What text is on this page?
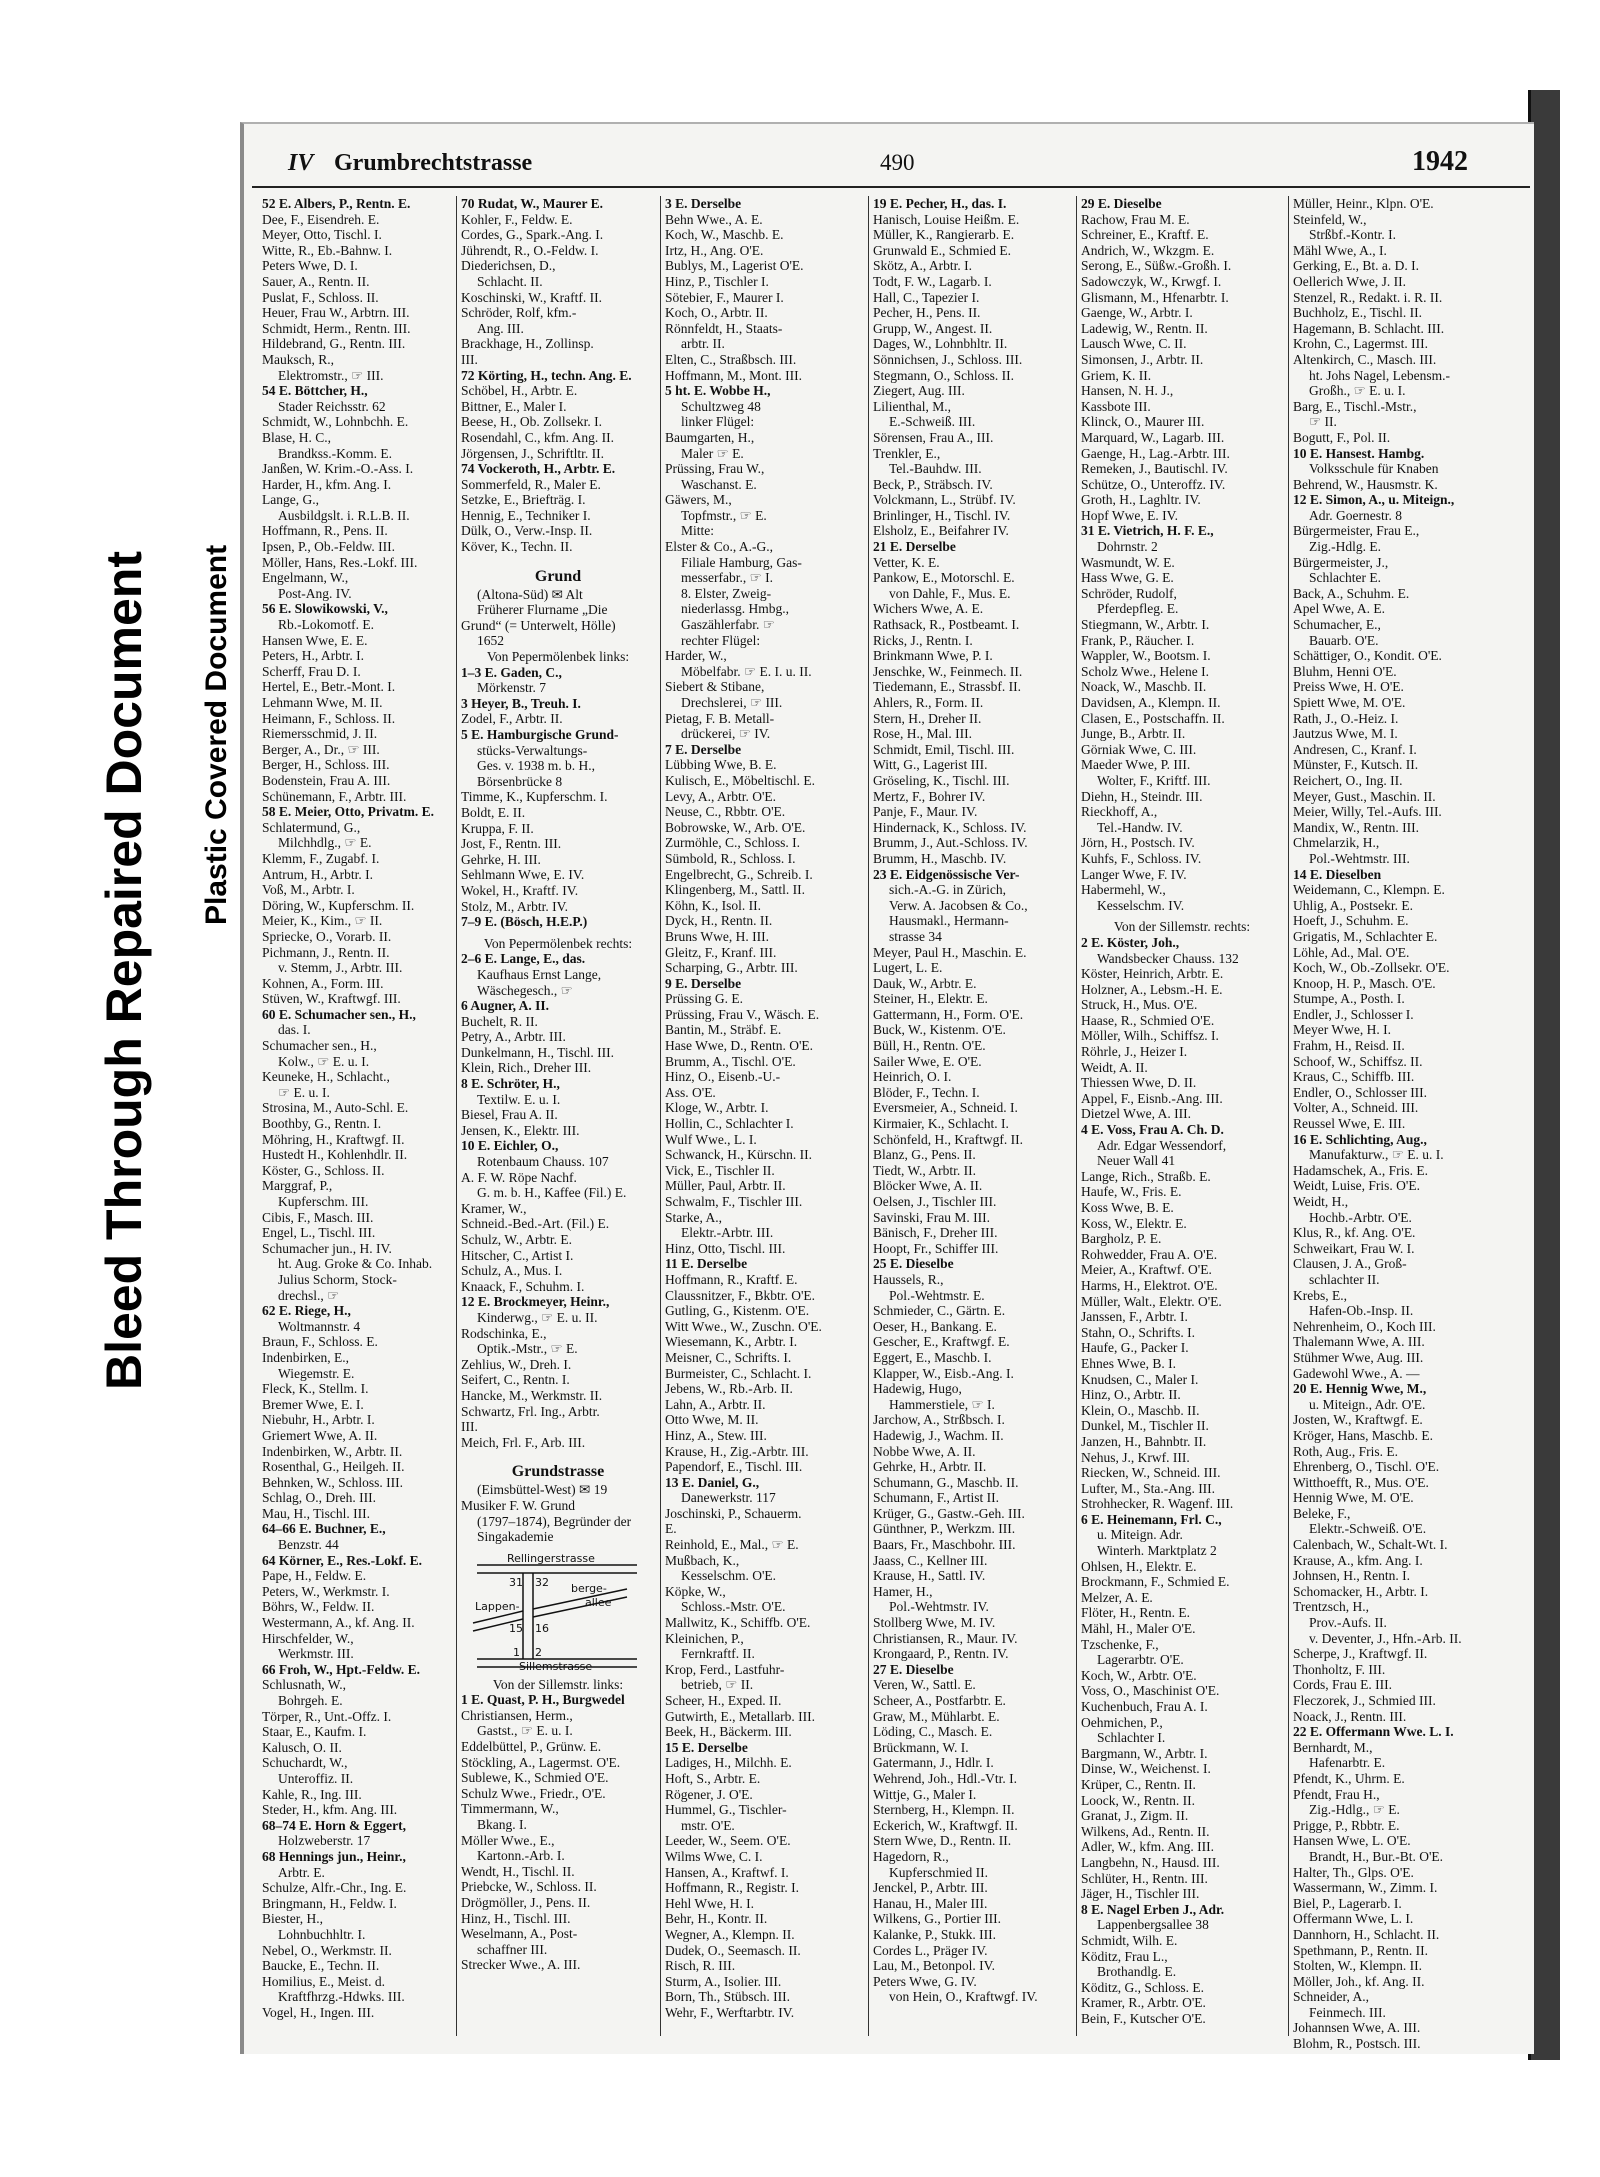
Bleed Through Repaired Document Plastic Covered Document
IV Grumbrechtstrasse	490	1942
52 E. Albers, P., Rentn. E.
Dee, F., Eisendreh. E.
Meyer, Otto, Tischl. I.
Witte, R., Eb.-Bahnw. I.
Peters Wwe, D. I.
Sauer, A., Rentn. II.
Puslat, F., Schloss. II.
Heuer, Frau W., Arbtrn. III.
Schmidt, Herm., Rentn. III.
Hildebrand, G., Rentn. III.
Mauksch, R.,
Elektromstr., ☞ III.
54 E. Böttcher, H.,
Stader Reichsstr. 62
Schmidt, W., Lohnbchh. E.
Blase, H. C.,
Brandkss.-Komm. E.
Janßen, W. Krim.-O.-Ass. I.
Harder, H., kfm. Ang. I.
Lange, G.,
Ausbildgslt. i. R.L.B. II.
Hoffmann, R., Pens. II.
Ipsen, P., Ob.-Feldw. III.
Möller, Hans, Res.-Lokf. III.
Engelmann, W.,
Post-Ang. IV.
56 E. Slowikowski, V.,
Rb.-Lokomotf. E.
Hansen Wwe, E. E.
Peters, H., Arbtr. I.
Scherff, Frau D. I.
Hertel, E., Betr.-Mont. I.
Lehmann Wwe, M. II.
Heimann, F., Schloss. II.
Riemersschmid, J. II.
Berger, A., Dr., ☞ III.
Berger, H., Schloss. III.
Bodenstein, Frau A. III.
Schünemann, F., Arbtr. III.
58 E. Meier, Otto, Privatm. E.
Schlatermund, G.,
Milchhdlg., ☞ E.
Klemm, F., Zugabf. I.
Antrum, H., Arbtr. I.
Voß, M., Arbtr. I.
Döring, W., Kupferschm. II.
Meier, K., Kim., ☞ II.
Spriecke, O., Vorarb. II.
Pichmann, J., Rentn. II.
v. Stemm, J., Arbtr. III.
Kohnen, A., Form. III.
Stüven, W., Kraftwgf. III.
60 E. Schumacher sen., H.,
das. I.
Schumacher sen., H.,
Kolw., ☞ E. u. I.
Keuneke, H., Schlacht.,
☞ E. u. I.
Strosina, M., Auto-Schl. E.
Boothby, G., Rentn. I.
Möhring, H., Kraftwgf. II.
Hustedt H., Kohlenhdlr. II.
Köster, G., Schloss. II.
Marggraf, P.,
Kupferschm. III.
Cibis, F., Masch. III.
Engel, L., Tischl. III.
Schumacher jun., H. IV.
ht. Aug. Groke & Co. Inhab.
Julius Schorm, Stock-
drechsl., ☞
62 E. Riege, H.,
Woltmannstr. 4
Braun, F., Schloss. E.
Indenbirken, E.,
Wiegemstr. E.
Fleck, K., Stellm. I.
Bremer Wwe, E. I.
Niebuhr, H., Arbtr. I.
Griemert Wwe, A. II.
Indenbirken, W., Arbtr. II.
Rosenthal, G., Heilgeh. II.
Behnken, W., Schloss. III.
Schlag, O., Dreh. III.
Mau, H., Tischl. III.
64–66 E. Buchner, E.,
Benzstr. 44
64 Körner, E., Res.-Lokf. E.
Pape, H., Feldw. E.
Peters, W., Werkmstr. I.
Böhrs, W., Feldw. II.
Westermann, A., kf. Ang. II.
Hirschfelder, W.,
Werkmstr. III.
66 Froh, W., Hpt.-Feldw. E.
Schlusnath, W.,
Bohrgeh. E.
Törper, R., Unt.-Offz. I.
Staar, E., Kaufm. I.
Kalusch, O. II.
Schuchardt, W.,
Unteroffiz. II.
Kahle, R., Ing. III.
Steder, H., kfm. Ang. III.
68–74 E. Horn & Eggert,
Holzweberstr. 17
68 Hennings jun., Heinr.,
Arbtr. E.
Schulze, Alfr.-Chr., Ing. E.
Bringmann, H., Feldw. I.
Biester, H.,
Lohnbuchhltr. I.
Nebel, O., Werkmstr. II.
Baucke, E., Techn. II.
Homilius, E., Meist. d.
Kraftfhrzg.-Hdwks. III.
Vogel, H., Ingen. III.
70 Rudat, W., Maurer E.
Kohler, F., Feldw. E.
Cordes, G., Spark.-Ang. I.
Jührendt, R., O.-Feldw. I.
Diederichsen, D.,
Schlacht. II.
Koschinski, W., Kraftf. II.
Schröder, Rolf, kfm.-
Ang. III.
Brackhage, H., Zollinsp.
III.
72 Körting, H., techn. Ang. E.
Schöbel, H., Arbtr. E.
Bittner, E., Maler I.
Beese, H., Ob. Zollsekr. I.
Rosendahl, C., kfm. Ang. II.
Jörgensen, J., Schriftltr. II.
74 Vockeroth, H., Arbtr. E.
Sommerfeld, R., Maler E.
Setzke, E., Briefträg. I.
Hennig, E., Techniker I.
Dülk, O., Verw.-Insp. II.
Köver, K., Techn. II.
Grund
(Altona-Süd) ✉ Alt
Früherer Flurname „Die
Grund“ (= Unterwelt, Hölle)
1652
Von Pepermölenbek links:
1–3 E. Gaden, C.,
Mörkenstr. 7
3 Heyer, B., Treuh. I.
Zodel, F., Arbtr. II.
5 E. Hamburgische Grund-
stücks-Verwaltungs-
Ges. v. 1938 m. b. H.,
Börsenbrücke 8
Timme, K., Kupferschm. I.
Boldt, E. II.
Kruppa, F. II.
Jost, F., Rentn. III.
Gehrke, H. III.
Sehlmann Wwe, E. IV.
Wokel, H., Kraftf. IV.
Stolz, M., Arbtr. IV.
7–9 E. (Bösch, H.E.P.)
Von Pepermölenbek rechts:
2–6 E. Lange, E., das.
Kaufhaus Ernst Lange,
Wäschegesch., ☞
6 Augner, A. II.
Buchelt, R. II.
Petry, A., Arbtr. III.
Dunkelmann, H., Tischl. III.
Klein, Rich., Dreher III.
8 E. Schröter, H.,
Textilw. E. u. I.
Biesel, Frau A. II.
Jensen, K., Elektr. III.
10 E. Eichler, O.,
Rotenbaum Chauss. 107
A. F. W. Röpe Nachf.
G. m. b. H., Kaffee (Fil.) E.
Kramer, W.,
Schneid.-Bed.-Art. (Fil.) E.
Schulz, W., Arbtr. E.
Hitscher, C., Artist I.
Schulz, A., Mus. I.
Knaack, F., Schuhm. I.
12 E. Brockmeyer, Heinr.,
Kinderwg., ☞ E. u. II.
Rodschinka, E.,
Optik.-Mstr., ☞ E.
Zehlius, W., Dreh. I.
Seifert, C., Rentn. I.
Hancke, M., Werkmstr. II.
Schwartz, Frl. Ing., Arbtr.
III.
Meich, Frl. F., Arb. III.
Grundstrasse
(Eimsbüttel-West) ✉ 19
Musiker F. W. Grund
(1797–1874), Begründer der
Singakademie
Rellingerstrasse
Lappen-
berge-
allee
Sillemstrasse
31 32
15 16
1 2
Von der Sillemstr. links:
1 E. Quast, P. H., Burgwedel
Christiansen, Herm.,
Gastst., ☞ E. u. I.
Eddelbüttel, P., Grünw. E.
Stöckling, A., Lagermst. O'E.
Sublewe, K., Schmied O'E.
Schulz Wwe., Friedr., O'E.
Timmermann, W.,
Bkang. I.
Möller Wwe., E.,
Kartonn.-Arb. I.
Wendt, H., Tischl. II.
Priebcke, W., Schloss. II.
Drögmöller, J., Pens. II.
Hinz, H., Tischl. III.
Weselmann, A., Post-
schaffner III.
Strecker Wwe., A. III.
3 E. Derselbe
Behn Wwe., A. E.
Koch, W., Maschb. E.
Irtz, H., Ang. O'E.
Bublys, M., Lagerist O'E.
Hinz, P., Tischler I.
Sötebier, F., Maurer I.
Koch, O., Arbtr. II.
Rönnfeldt, H., Staats-
arbtr. II.
Elten, C., Straßbsch. III.
Hoffmann, M., Mont. III.
5 ht. E. Wobbe H.,
Schultzweg 48
linker Flügel:
Baumgarten, H.,
Maler ☞ E.
Prüssing, Frau W.,
Waschanst. E.
Gäwers, M.,
Topfmstr., ☞ E.
Mitte:
Elster & Co., A.-G.,
Filiale Hamburg, Gas-
messerfabr., ☞ I.
8. Elster, Zweig-
niederlassg. Hmbg.,
Gaszählerfabr. ☞
rechter Flügel:
Harder, W.,
Möbelfabr. ☞ E. I. u. II.
Siebert & Stibane,
Drechslerei, ☞ III.
Pietag, F. B. Metall-
drückerei, ☞ IV.
7 E. Derselbe
Lübbing Wwe, B. E.
Kulisch, E., Möbeltischl. E.
Levy, A., Arbtr. O'E.
Neuse, C., Rbbtr. O'E.
Bobrowske, W., Arb. O'E.
Zurmöhle, C., Schloss. I.
Sümbold, R., Schloss. I.
Engelbrecht, G., Schreib. I.
Klingenberg, M., Sattl. II.
Köhn, K., Isol. II.
Dyck, H., Rentn. II.
Bruns Wwe, H. III.
Gleitz, F., Kranf. III.
Scharping, G., Arbtr. III.
9 E. Derselbe
Prüssing G. E.
Prüssing, Frau V., Wäsch. E.
Bantin, M., Sträbf. E.
Hase Wwe, D., Rentn. O'E.
Brumm, A., Tischl. O'E.
Hinz, O., Eisenb.-U.-
Ass. O'E.
Kloge, W., Arbtr. I.
Hollin, C., Schlachter I.
Wulf Wwe., L. I.
Schwanck, H., Kürschn. II.
Vick, E., Tischler II.
Müller, Paul, Arbtr. II.
Schwalm, F., Tischler III.
Starke, A.,
Elektr.-Arbtr. III.
Hinz, Otto, Tischl. III.
11 E. Derselbe
Hoffmann, R., Kraftf. E.
Claussnitzer, F., Bkbtr. O'E.
Gutling, G., Kistenm. O'E.
Witt Wwe., W., Zuschn. O'E.
Wiesemann, K., Arbtr. I.
Meisner, C., Schrifts. I.
Burmeister, C., Schlacht. I.
Jebens, W., Rb.-Arb. II.
Lahn, A., Arbtr. II.
Otto Wwe, M. II.
Hinz, A., Stew. III.
Krause, H., Zig.-Arbtr. III.
Papendorf, E., Tischl. III.
13 E. Daniel, G.,
Danewerkstr. 117
Joschinski, P., Schauerm.
E.
Reinhold, E., Mal., ☞ E.
Mußbach, K.,
Kesselschm. O'E.
Köpke, W.,
Schloss.-Mstr. O'E.
Mallwitz, K., Schiffb. O'E.
Kleinichen, P.,
Fernkraftf. II.
Krop, Ferd., Lastfuhr-
betrieb, ☞ II.
Scheer, H., Exped. II.
Gutwirth, E., Metallarb. III.
Beek, H., Bäckerm. III.
15 E. Derselbe
Ladiges, H., Milchh. E.
Hoft, S., Arbtr. E.
Rögener, J. O'E.
Hummel, G., Tischler-
mstr. O'E.
Leeder, W., Seem. O'E.
Wilms Wwe, C. I.
Hansen, A., Kraftwf. I.
Hoffmann, R., Registr. I.
Hehl Wwe, H. I.
Behr, H., Kontr. II.
Wegner, A., Klempn. II.
Dudek, O., Seemasch. II.
Risch, R. III.
Sturm, A., Isolier. III.
Born, Th., Stübsch. III.
Wehr, F., Werftarbtr. IV.
19 E. Pecher, H., das. I.
Hanisch, Louise Heißm. E.
Müller, K., Rangierarb. E.
Grunwald E., Schmied E.
Skötz, A., Arbtr. I.
Todt, F. W., Lagarb. I.
Hall, C., Tapezier I.
Pecher, H., Pens. II.
Grupp, W., Angest. II.
Dages, W., Lohnbhltr. II.
Sönnichsen, J., Schloss. III.
Stegmann, O., Schloss. II.
Ziegert, Aug. III.
Lilienthal, M.,
E.-Schweiß. III.
Sörensen, Frau A., III.
Trenkler, E.,
Tel.-Bauhdw. III.
Beck, P., Sträbsch. IV.
Volckmann, L., Strübf. IV.
Brinlinger, H., Tischl. IV.
Elsholz, E., Beifahrer IV.
21 E. Derselbe
Vetter, K. E.
Pankow, E., Motorschl. E.
von Dahle, F., Mus. E.
Wichers Wwe, A. E.
Rathsack, R., Postbeamt. I.
Ricks, J., Rentn. I.
Brinkmann Wwe, P. I.
Jenschke, W., Feinmech. II.
Tiedemann, E., Strassbf. II.
Ahlers, R., Form. II.
Stern, H., Dreher II.
Rose, H., Mal. III.
Schmidt, Emil, Tischl. III.
Witt, G., Lagerist III.
Gröseling, K., Tischl. III.
Mertz, F., Bohrer IV.
Panje, F., Maur. IV.
Hindernack, K., Schloss. IV.
Brumm, J., Aut.-Schloss. IV.
Brumm, H., Maschb. IV.
23 E. Eidgenössische Ver-
sich.-A.-G. in Zürich,
Verw. A. Jacobsen & Co.,
Hausmakl., Hermann-
strasse 34
Meyer, Paul H., Maschin. E.
Lugert, L. E.
Dauk, W., Arbtr. E.
Steiner, H., Elektr. E.
Gattermann, H., Form. O'E.
Buck, W., Kistenm. O'E.
Büll, H., Rentn. O'E.
Sailer Wwe, E. O'E.
Heinrich, O. I.
Blöder, F., Techn. I.
Eversmeier, A., Schneid. I.
Kirmaier, K., Schlacht. I.
Schönfeld, H., Kraftwgf. II.
Blanz, G., Pens. II.
Tiedt, W., Arbtr. II.
Blöcker Wwe, A. II.
Oelsen, J., Tischler III.
Savinski, Frau M. III.
Bänisch, F., Dreher III.
Hoopt, Fr., Schiffer III.
25 E. Dieselbe
Haussels, R.,
Pol.-Wehtmstr. E.
Schmieder, C., Gärtn. E.
Oeser, H., Bankang. E.
Gescher, E., Kraftwgf. E.
Eggert, E., Maschb. I.
Klapper, W., Eisb.-Ang. I.
Hadewig, Hugo,
Hammerstiele, ☞ I.
Jarchow, A., Strßbsch. I.
Hadewig, J., Wachm. II.
Nobbe Wwe, A. II.
Gehrke, H., Arbtr. II.
Schumann, G., Maschb. II.
Schumann, F., Artist II.
Krüger, G., Gastw.-Geh. III.
Günthner, P., Werkzm. III.
Baars, Fr., Maschbohr. III.
Jaass, C., Kellner III.
Krause, H., Sattl. IV.
Hamer, H.,
Pol.-Wehtmstr. IV.
Stollberg Wwe, M. IV.
Christiansen, R., Maur. IV.
Krongaard, P., Rentn. IV.
27 E. Dieselbe
Veren, W., Sattl. E.
Scheer, A., Postfarbtr. E.
Graw, M., Mühlarbt. E.
Löding, C., Masch. E.
Brückmann, W. I.
Gatermann, J., Hdlr. I.
Wehrend, Joh., Hdl.-Vtr. I.
Wittje, G., Maler I.
Sternberg, H., Klempn. II.
Eckerich, W., Kraftwgf. II.
Stern Wwe, D., Rentn. II.
Hagedorn, R.,
Kupferschmied II.
Jenckel, P., Arbtr. III.
Hanau, H., Maler III.
Wilkens, G., Portier III.
Kalanke, P., Stukk. III.
Cordes L., Präger IV.
Lau, M., Betonpol. IV.
Peters Wwe, G. IV.
von Hein, O., Kraftwgf. IV.
29 E. Dieselbe
Rachow, Frau M. E.
Schreiner, E., Kraftf. E.
Andrich, W., Wkzgm. E.
Serong, E., Süßw.-Großh. I.
Sadowczyk, W., Krwgf. I.
Glismann, M., Hfenarbtr. I.
Gaenge, W., Arbtr. I.
Ladewig, W., Rentn. II.
Lausch Wwe, C. II.
Simonsen, J., Arbtr. II.
Griem, K. II.
Hansen, N. H. J.,
Kassbote III.
Klinck, O., Maurer III.
Marquard, W., Lagarb. III.
Gaenge, H., Lag.-Arbtr. III.
Remeken, J., Bautischl. IV.
Schütze, O., Unteroffz. IV.
Groth, H., Laghltr. IV.
Hopf Wwe, E. IV.
31 E. Vietrich, H. F. E.,
Dohrnstr. 2
Wasmundt, W. E.
Hass Wwe, G. E.
Schröder, Rudolf,
Pferdepfleg. E.
Stiegmann, W., Arbtr. I.
Frank, P., Räucher. I.
Wappler, W., Bootsm. I.
Scholz Wwe., Helene I.
Noack, W., Maschb. II.
Davidsen, A., Klempn. II.
Clasen, E., Postschaffn. II.
Junge, B., Arbtr. II.
Görniak Wwe, C. III.
Maeder Wwe, P. III.
Wolter, F., Kriftf. III.
Diehn, H., Steindr. III.
Rieckhoff, A.,
Tel.-Handw. IV.
Jörn, H., Postsch. IV.
Kuhfs, F., Schloss. IV.
Langer Wwe, F. IV.
Habermehl, W.,
Kesselschm. IV.
Von der Sillemstr. rechts:
2 E. Köster, Joh.,
Wandsbecker Chauss. 132
Köster, Heinrich, Arbtr. E.
Holzner, A., Lebsm.-H. E.
Struck, H., Mus. O'E.
Haase, R., Schmied O'E.
Möller, Wilh., Schiffsz. I.
Röhrle, J., Heizer I.
Weidt, A. II.
Thiessen Wwe, D. II.
Appel, F., Eisnb.-Ang. III.
Dietzel Wwe, A. III.
4 E. Voss, Frau A. Ch. D.
Adr. Edgar Wessendorf,
Neuer Wall 41
Lange, Rich., Straßb. E.
Haufe, W., Fris. E.
Koss Wwe, B. E.
Koss, W., Elektr. E.
Bargholz, P. E.
Rohwedder, Frau A. O'E.
Meier, A., Kraftwf. O'E.
Harms, H., Elektrot. O'E.
Müller, Walt., Elektr. O'E.
Janssen, F., Arbtr. I.
Stahn, O., Schrifts. I.
Haufe, G., Packer I.
Ehnes Wwe, B. I.
Knudsen, C., Maler I.
Hinz, O., Arbtr. II.
Klein, O., Maschb. II.
Dunkel, M., Tischler II.
Janzen, H., Bahnbtr. II.
Nehus, J., Krwf. III.
Riecken, W., Schneid. III.
Lufter, M., Sta.-Ang. III.
Strohhecker, R. Wagenf. III.
6 E. Heinemann, Frl. C.,
u. Miteign. Adr.
Winterh. Marktplatz 2
Ohlsen, H., Elektr. E.
Brockmann, F., Schmied E.
Melzer, A. E.
Flöter, H., Rentn. E.
Mähl, H., Maler O'E.
Tzschenke, F.,
Lagerarbtr. O'E.
Koch, W., Arbtr. O'E.
Voss, O., Maschinist O'E.
Kuchenbuch, Frau A. I.
Oehmichen, P.,
Schlachter I.
Bargmann, W., Arbtr. I.
Dinse, W., Weichenst. I.
Krüper, C., Rentn. II.
Loock, W., Rentn. II.
Granat, J., Zigm. II.
Wilkens, Ad., Rentn. II.
Adler, W., kfm. Ang. III.
Langbehn, N., Hausd. III.
Schlüter, H., Rentn. III.
Jäger, H., Tischler III.
8 E. Nagel Erben J., Adr.
Lappenbergsallee 38
Schmidt, Wilh. E.
Köditz, Frau L.,
Brothandlg. E.
Köditz, G., Schloss. E.
Kramer, R., Arbtr. O'E.
Bein, F., Kutscher O'E.
Müller, Heinr., Klpn. O'E.
Steinfeld, W.,
Strßbf.-Kontr. I.
Mähl Wwe, A., I.
Gerking, E., Bt. a. D. I.
Oellerich Wwe, J. II.
Stenzel, R., Redakt. i. R. II.
Buchholz, E., Tischl. II.
Hagemann, B. Schlacht. III.
Krohn, C., Lagermst. III.
Altenkirch, C., Masch. III.
ht. Johs Nagel, Lebensm.-
Großh., ☞ E. u. I.
Barg, E., Tischl.-Mstr.,
☞ II.
Bogutt, F., Pol. II.
10 E. Hansest. Hambg.
Volksschule für Knaben
Behrend, W., Hausmstr. K.
12 E. Simon, A., u. Miteign.,
Adr. Goernestr. 8
Bürgermeister, Frau E.,
Zig.-Hdlg. E.
Bürgermeister, J.,
Schlachter E.
Back, A., Schuhm. E.
Apel Wwe, A. E.
Schumacher, E.,
Bauarb. O'E.
Schättiger, O., Kondit. O'E.
Bluhm, Henni O'E.
Preiss Wwe, H. O'E.
Spiett Wwe, M. O'E.
Rath, J., O.-Heiz. I.
Jautzus Wwe, M. I.
Andresen, C., Kranf. I.
Münster, F., Kutsch. II.
Reichert, O., Ing. II.
Meyer, Gust., Maschin. II.
Meier, Willy, Tel.-Aufs. III.
Mandix, W., Rentn. III.
Chmelarzik, H.,
Pol.-Wehtmstr. III.
14 E. Dieselben
Weidemann, C., Klempn. E.
Uhlig, A., Postsekr. E.
Hoeft, J., Schuhm. E.
Grigatis, M., Schlachter E.
Löhle, Ad., Mal. O'E.
Koch, W., Ob.-Zollsekr. O'E.
Knoop, H. P., Masch. O'E.
Stumpe, A., Posth. I.
Endler, J., Schlosser I.
Meyer Wwe, H. I.
Frahm, H., Reisd. II.
Schoof, W., Schiffsz. II.
Kraus, C., Schiffb. III.
Endler, O., Schlosser III.
Volter, A., Schneid. III.
Reussel Wwe, E. III.
16 E. Schlichting, Aug.,
Manufakturw., ☞ E. u. I.
Hadamschek, A., Fris. E.
Weidt, Luise, Fris. O'E.
Weidt, H.,
Hochb.-Arbtr. O'E.
Klus, R., kf. Ang. O'E.
Schweikart, Frau W. I.
Clausen, J. A., Groß-
schlachter II.
Krebs, E.,
Hafen-Ob.-Insp. II.
Nehrenheim, O., Koch III.
Thalemann Wwe, A. III.
Stühmer Wwe, Aug. III.
Gadewohl Wwe., A. —
20 E. Hennig Wwe, M.,
u. Miteign., Adr. O'E.
Josten, W., Kraftwgf. E.
Kröger, Hans, Maschb. E.
Roth, Aug., Fris. E.
Ehrenberg, O., Tischl. O'E.
Witthoefft, R., Mus. O'E.
Hennig Wwe, M. O'E.
Beleke, F.,
Elektr.-Schweiß. O'E.
Calenbach, W., Schalt-Wt. I.
Krause, A., kfm. Ang. I.
Johnsen, H., Rentn. I.
Schomacker, H., Arbtr. I.
Trentzsch, H.,
Prov.-Aufs. II.
v. Deventer, J., Hfn.-Arb. II.
Scherpe, J., Kraftwgf. II.
Thonholtz, F. III.
Cords, Frau E. III.
Fleczorek, J., Schmied III.
Noack, J., Rentn. III.
22 E. Offermann Wwe. L. I.
Bernhardt, M.,
Hafenarbtr. E.
Pfendt, K., Uhrm. E.
Pfendt, Frau H.,
Zig.-Hdlg., ☞ E.
Prigge, P., Rbbtr. E.
Hansen Wwe, L. O'E.
Brandt, H., Bur.-Bt. O'E.
Halter, Th., Glps. O'E.
Wassermann, W., Zimm. I.
Biel, P., Lagerarb. I.
Offermann Wwe, L. I.
Dannhorn, H., Schlacht. II.
Spethmann, P., Rentn. II.
Stolten, W., Klempn. II.
Möller, Joh., kf. Ang. II.
Schneider, A.,
Feinmech. III.
Johannsen Wwe, A. III.
Blohm, R., Postsch. III.
